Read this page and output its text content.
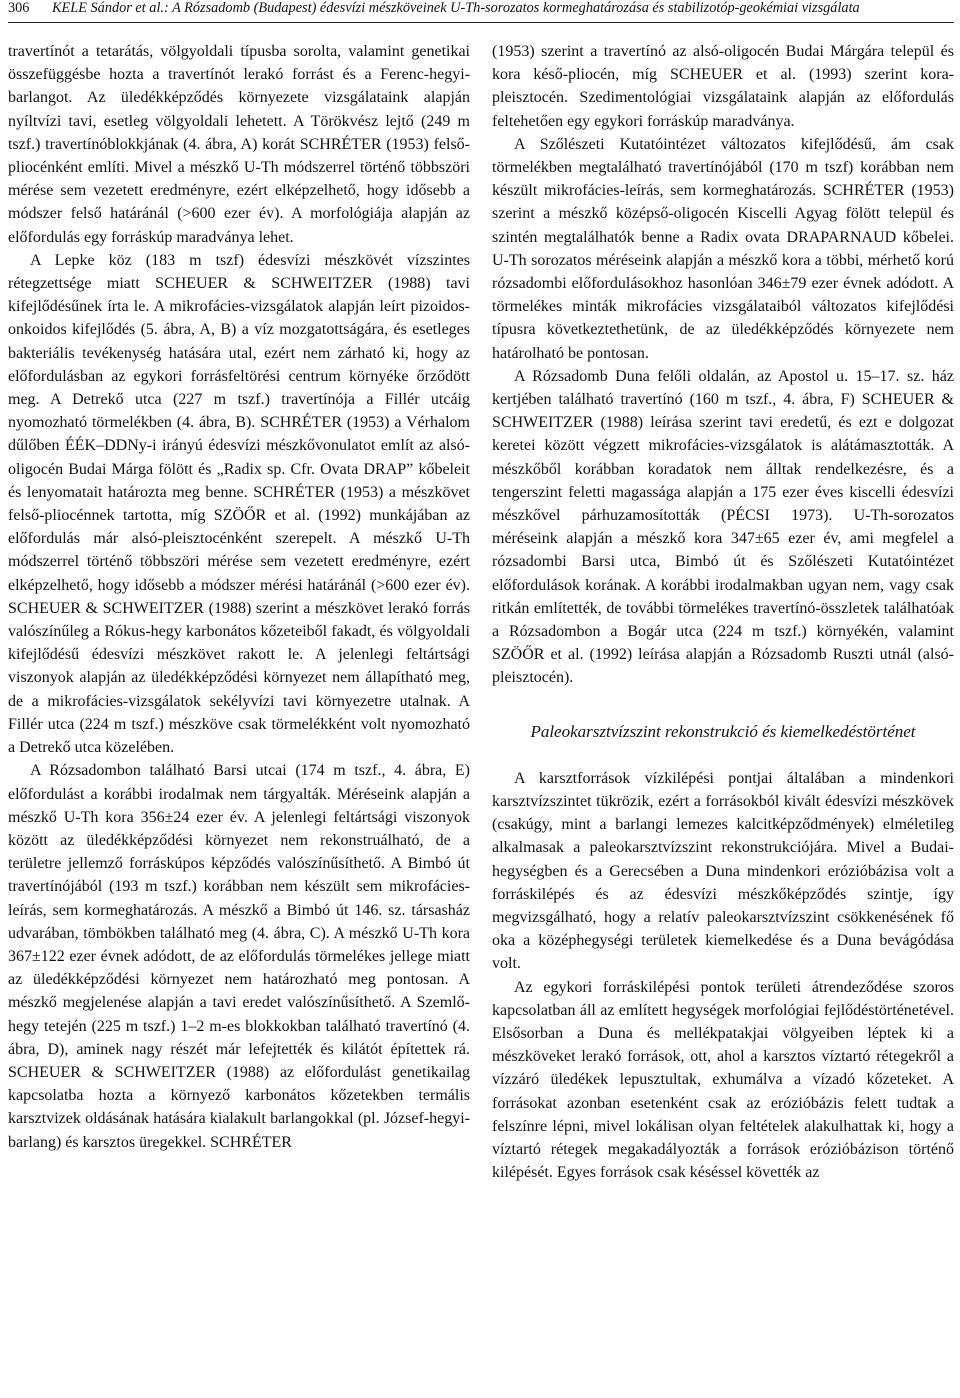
306 KELE Sándor et al.: A Rózsadomb (Budapest) édesvízi mészköveinek U-Th-sorozatos kormeghatározása és stabilizotóp-geokémiai vizsgálata

travertínót a tetarátás, völgyoldali típusba sorolta, valamint genetikai összefüggésbe hozta a travertínót lerakó forrást és a Ferenc-hegyi-barlangot. Az üledékképződés környezete vizsgálataink alapján nyíltvízi tavi, esetleg völgyoldali lehetett. A Törökvész lejtő (249 m tszf.) travertínóblokkjának (4. ábra, A) korát SCHRÉTER (1953) felső-pliocénként említi. Mivel a mészkő U-Th módszerrel történő többszöri mérése sem vezetett eredményre, ezért elképzelhető, hogy idősebb a módszer felső határánál (>600 ezer év). A morfológiája alapján az előfordulás egy forráskúp maradványa lehet.

A Lepke köz (183 m tszf) édesvízi mészkövét vízszintes rétegzettsége miatt SCHEUER & SCHWEITZER (1988) tavi kifejlődésűnek írta le. A mikrofácies-vizsgálatok alapján leírt pizoidos-onkoidos kifejlődés (5. ábra, A, B) a víz mozgatottságára, és esetleges bakteriális tevékenység hatására utal, ezért nem zárható ki, hogy az előfordulásban az egykori forrásfeltörési centrum környéke őrződött meg. A Detrekő utca (227 m tszf.) travertínója a Fillér utcáig nyomozható törmelékben (4. ábra, B). SCHRÉTER (1953) a Vérhalom dűlőben ÉÉK–DDNy-i irányú édesvízi mészkővonulatot említ az alsó-oligocén Budai Márga fölött és „Radix sp. Cfr. Ovata DRAP” kőbeleit és lenyomatait határozta meg benne. SCHRÉTER (1953) a mészkövet felső-pliocénnek tartotta, míg SZÖŐR et al. (1992) munkájában az előfordulás már alsó-pleisztocénként szerepelt. A mészkő U-Th módszerrel történő többszöri mérése sem vezetett eredményre, ezért elképzelhető, hogy idősebb a módszer mérési határánál (>600 ezer év). SCHEUER & SCHWEITZER (1988) szerint a mészkövet lerakó forrás valószínűleg a Rókus-hegy karbonátos kőzeteiből fakadt, és völgyoldali kifejlődésű édesvízi mészkövet rakott le. A jelenlegi feltártsági viszonyok alapján az üledékképződési környezet nem állapítható meg, de a mikrofácies-vizsgálatok sekélyvízi tavi környezetre utalnak. A Fillér utca (224 m tszf.) mészköve csak törmelékként volt nyomozható a Detrekő utca közelében.

A Rózsadombon található Barsi utcai (174 m tszf., 4. ábra, E) előfordulást a korábbi irodalmak nem tárgyalták. Méréseink alapján a mészkő U-Th kora 356±24 ezer év. A jelenlegi feltártsági viszonyok között az üledékképződési környezet nem rekonstruálható, de a területre jellemző forráskúpos képződés valószínűsíthető. A Bimbó út travertínójából (193 m tszf.) korábban nem készült sem mikrofácies-leírás, sem kormeghatározás. A mészkő a Bimbó út 146. sz. társasház udvarában, tömbökben található meg (4. ábra, C). A mészkő U-Th kora 367±122 ezer évnek adódott, de az előfordulás törmelékes jellege miatt az üledékképződési környezet nem határozható meg pontosan. A mészkő megjelenése alapján a tavi eredet valószínűsíthető. A Szemlő-hegy tetején (225 m tszf.) 1–2 m-es blokkokban található travertínó (4. ábra, D), aminek nagy részét már lefejtették és kilátót építettek rá. SCHEUER & SCHWEITZER (1988) az előfordulást genetikailag kapcsolatba hozta a környező karbonátos kőzetekben termális karsztvizek oldásának hatására kialakult barlangokkal (pl. József-hegyi-barlang) és karsztos üregekkel. SCHRÉTER

(1953) szerint a travertínó az alsó-oligocén Budai Márgára települ és kora késő-pliocén, míg SCHEUER et al. (1993) szerint kora-pleisztocén. Szedimentológiai vizsgálataink alapján az előfordulás feltehetően egy egykori forráskúp maradványa.

A Szőlészeti Kutatóintézet változatos kifejlődésű, ám csak törmelékben megtalálható travertínójából (170 m tszf) korábban nem készült mikrofácies-leírás, sem kormeghatározás. SCHRÉTER (1953) szerint a mészkő középső-oligocén Kiscelli Agyag fölött települ és szintén megtalálhatók benne a Radix ovata DRAPARNAUD kőbelei. U-Th sorozatos méréseink alapján a mészkő kora a többi, mérhető korú rózsadombi előfordulásokhoz hasonlóan 346±79 ezer évnek adódott. A törmelékes minták mikrofácies vizsgálataiból változatos kifejlődési típusra következtethetünk, de az üledékképződés környezete nem határolható be pontosan.

A Rózsadomb Duna felőli oldalán, az Apostol u. 15–17. sz. ház kertjében található travertínó (160 m tszf., 4. ábra, F) SCHEUER & SCHWEITZER (1988) leírása szerint tavi eredetű, és ezt e dolgozat keretei között végzett mikrofácies-vizsgálatok is alátámasztották. A mészkőből korábban koradatok nem álltak rendelkezésre, és a tengerszint feletti magassága alapján a 175 ezer éves kiscelli édesvízi mészkővel párhuzamosították (PÉCSI 1973). U-Th-sorozatos méréseink alapján a mészkő kora 347±65 ezer év, ami megfelel a rózsadombi Barsi utca, Bimbó út és Szőlészeti Kutatóintézet előfordulások korának. A korábbi irodalmakban ugyan nem, vagy csak ritkán említették, de további törmelékes travertínó-összletek találhatóak a Rózsadombon a Bogár utca (224 m tszf.) környékén, valamint SZÖŐR et al. (1992) leírása alapján a Rózsadomb Ruszti utnál (alsó-pleisztocén).

Paleokarsztvízszint rekonstrukció és kiemelkedéstörténet

A karsztforrások vízkilépési pontjai általában a mindenkori karsztvízszintet tükrözik, ezért a forrásokból kivált édesvízi mészkövek (csakúgy, mint a barlangi lemezes kalcitképződmények) elméletileg alkalmasak a paleokarsztvízszint rekonstrukciójára. Mivel a Budai-hegységben és a Gerecsében a Duna mindenkori erózióbázisa volt a forráskilépés és az édesvízi mészkőképződés szintje, így megvizsgálható, hogy a relatív paleokarsztvízszint csökkenésének fő oka a középhegységi területek kiemelkedése és a Duna bevágódása volt.

Az egykori forráskilépési pontok területi átrendeződése szoros kapcsolatban áll az említett hegységek morfológiai fejlődéstörténetével. Elsősorban a Duna és mellékpatakjai völgyeiben léptek ki a mészköveket lerakó források, ott, ahol a karsztos víztartó rétegekről a vízzáró üledékek lepusztultak, exhumálva a vízadó kőzeteket. A forrásokat azonban esetenként csak az erózióbázis felett tudtak a felszínre lépni, mivel lokálisan olyan feltételek alakulhattak ki, hogy a víztartó rétegek megakadályozták a források erózióbázison történő kilépését. Egyes források csak késéssel követték az
